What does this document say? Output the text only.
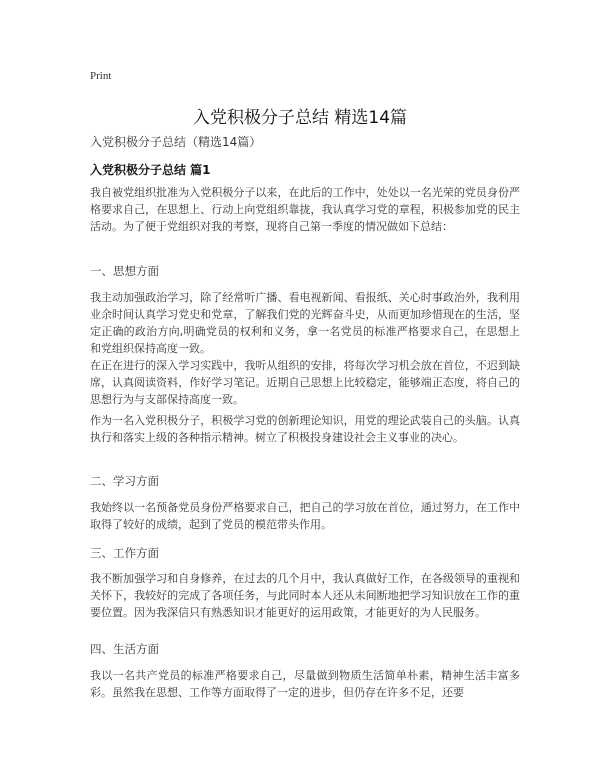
Print
入党积极分子总结 精选14篇
入党积极分子总结（精选14篇）
入党积极分子总结 篇1
我自被党组织批准为入党积极分子以来，在此后的工作中，处处以一名光荣的党员身份严格要求自己，在思想上、行动上向党组织靠拢，我认真学习党的章程，积极参加党的民主活动。为了便于党组织对我的考察，现将自己第一季度的情况做如下总结：
一、思想方面
我主动加强政治学习，除了经常听广播、看电视新闻、看报纸、关心时事政治外，我利用业余时间认真学习党史和党章，了解我们党的光辉奋斗史，从而更加珍惜现在的生活，坚定正确的政治方向,明确党员的权利和义务，拿一名党员的标准严格要求自己，在思想上和党组织保持高度一致。
在正在进行的深入学习实践中，我听从组织的安排，将每次学习机会放在首位，不迟到缺席，认真阅读资料，作好学习笔记。近期自己思想上比较稳定，能够端正态度，将自己的思想行为与支部保持高度一致。
作为一名入党积极分子，积极学习党的创新理论知识，用党的理论武装自己的头脑。认真执行和落实上级的各种指示精神。树立了积极投身建设社会主义事业的决心。
二、学习方面
我始终以一名预备党员身份严格要求自己，把自己的学习放在首位，通过努力，在工作中取得了较好的成绩，起到了党员的模范带头作用。
三、工作方面
我不断加强学习和自身修养，在过去的几个月中，我认真做好工作，在各级领导的重视和关怀下，我较好的完成了各项任务，与此同时本人还从未间断地把学习知识放在工作的重要位置。因为我深信只有熟悉知识才能更好的运用政策，才能更好的为人民服务。
四、生活方面
我以一名共产党员的标准严格要求自己，尽量做到物质生活简单朴素，精神生活丰富多彩。虽然我在思想、工作等方面取得了一定的进步，但仍存在许多不足，还要
